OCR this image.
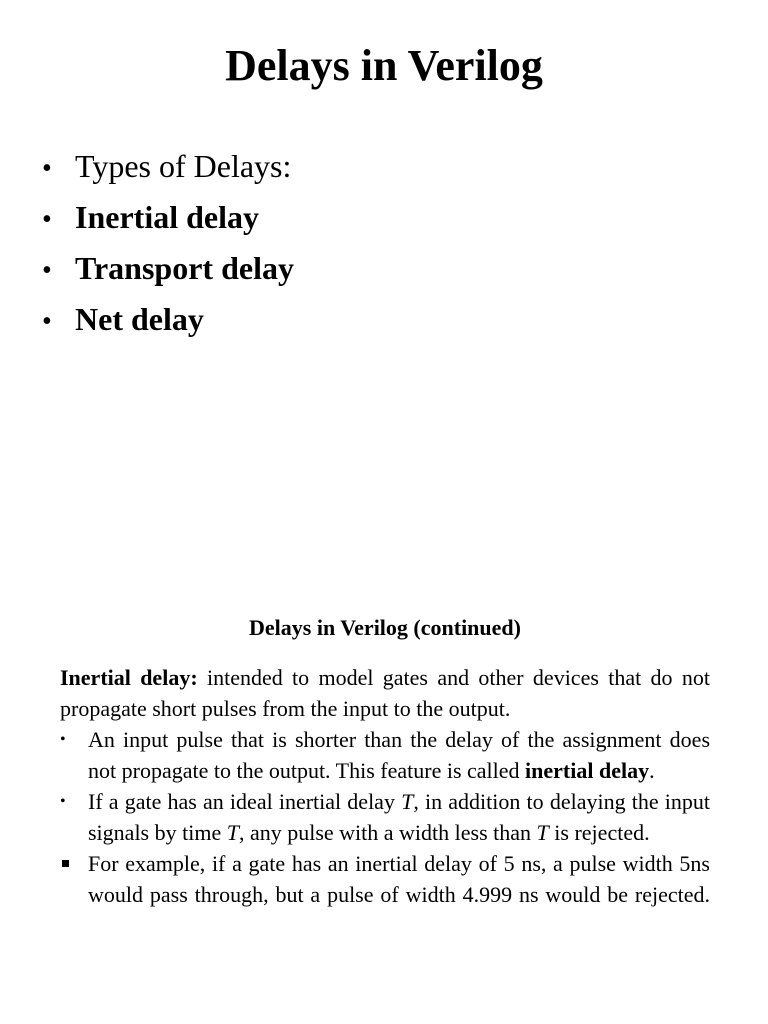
Delays in Verilog
• Types of Delays:
• Inertial delay
• Transport delay
• Net delay
Delays in Verilog (continued)

Inertial delay: intended to model gates and other devices that do not propagate short pulses from the input to the output.

•	An input pulse that is shorter than the delay of the assignment does not propagate to the output. This feature is called inertial delay.
•	If a gate has an ideal inertial delay T, in addition to delaying the input signals by time T, any pulse with a width less than T is rejected.
For example, if a gate has an inertial delay of 5 ns, a pulse width 5ns would pass through, but a pulse of width 4.999 ns would be rejected.
